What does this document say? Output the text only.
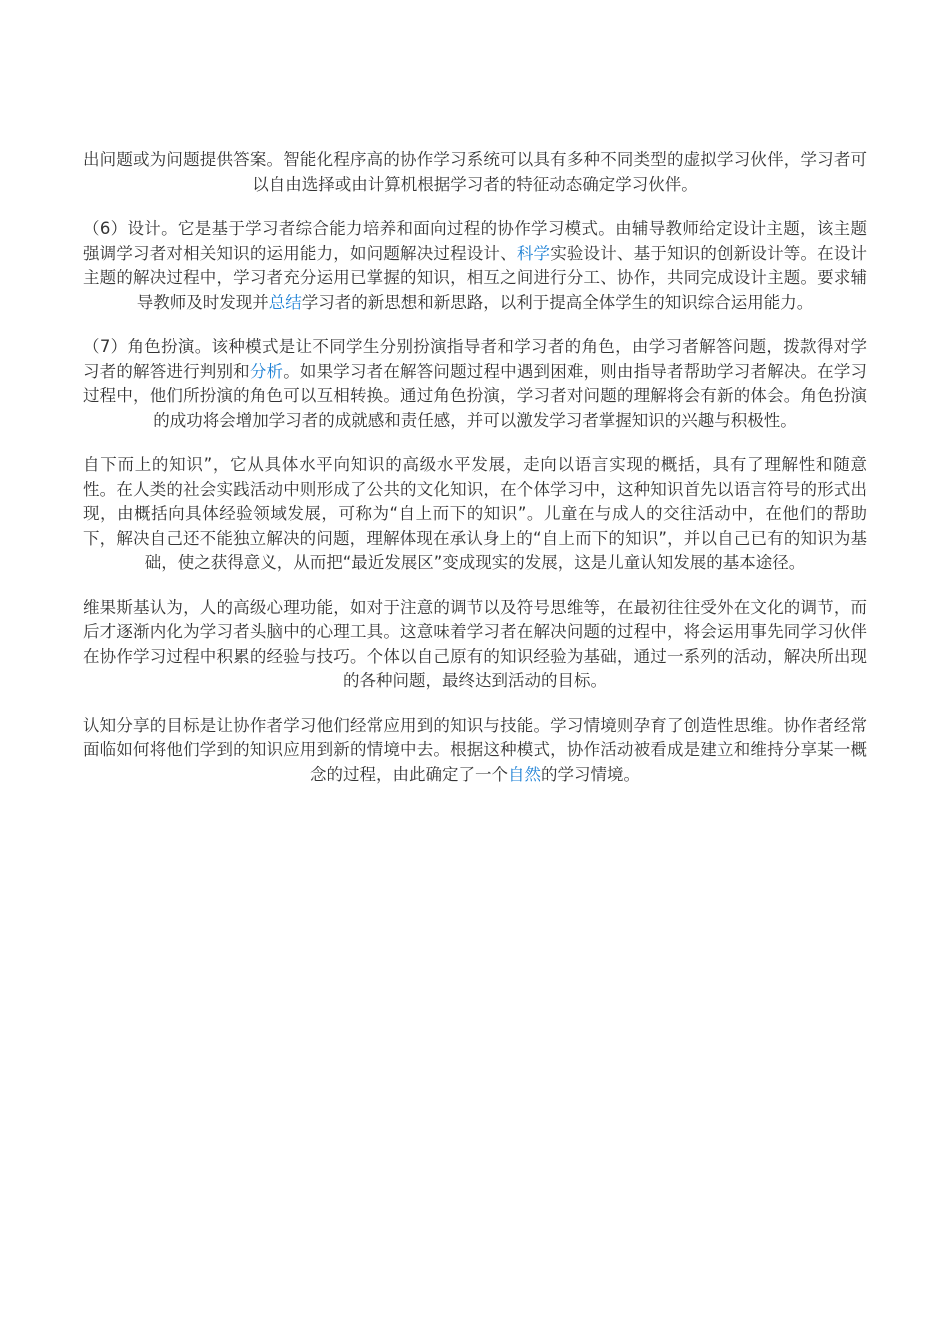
出问题或为问题提供答案。智能化程序高的协作学习系统可以具有多种不同类型的虚拟学习伙伴，学习者可以自由选择或由计算机根据学习者的特征动态确定学习伙伴。

（6）设计。它是基于学习者综合能力培养和面向过程的协作学习模式。由辅导教师给定设计主题，该主题强调学习者对相关知识的运用能力，如问题解决过程设计、科学实验设计、基于知识的创新设计等。在设计主题的解决过程中，学习者充分运用已掌握的知识，相互之间进行分工、协作，共同完成设计主题。要求辅导教师及时发现并总结学习者的新思想和新思路，以利于提高全体学生的知识综合运用能力。

（7）角色扮演。该种模式是让不同学生分别扮演指导者和学习者的角色，由学习者解答问题，拨款得对学习者的解答进行判别和分析。如果学习者在解答问题过程中遇到困难，则由指导者帮助学习者解决。在学习过程中，他们所扮演的角色可以互相转换。通过角色扮演，学习者对问题的理解将会有新的体会。角色扮演的成功将会增加学习者的成就感和责任感，并可以激发学习者掌握知识的兴趣与积极性。

自下而上的知识”，它从具体水平向知识的高级水平发展，走向以语言实现的概括，具有了理解性和随意性。在人类的社会实践活动中则形成了公共的文化知识，在个体学习中，这种知识首先以语言符号的形式出现，由概括向具体经验领域发展，可称为“自上而下的知识”。儿童在与成人的交往活动中，在他们的帮助下，解决自己还不能独立解决的问题，理解体现在承认身上的“自上而下的知识”，并以自己已有的知识为基础，使之获得意义，从而把“最近发展区”变成现实的发展，这是儿童认知发展的基本途径。

维果斯基认为，人的高级心理功能，如对于注意的调节以及符号思维等，在最初往往受外在文化的调节，而后才逐渐内化为学习者头脑中的心理工具。这意味着学习者在解决问题的过程中，将会运用事先同学习伙伴在协作学习过程中积累的经验与技巧。个体以自己原有的知识经验为基础，通过一系列的活动，解决所出现的各种问题，最终达到活动的目标。

认知分享的目标是让协作者学习他们经常应用到的知识与技能。学习情境则孕育了创造性思维。协作者经常面临如何将他们学到的知识应用到新的情境中去。根据这种模式，协作活动被看成是建立和维持分享某一概念的过程，由此确定了一个自然的学习情境。
